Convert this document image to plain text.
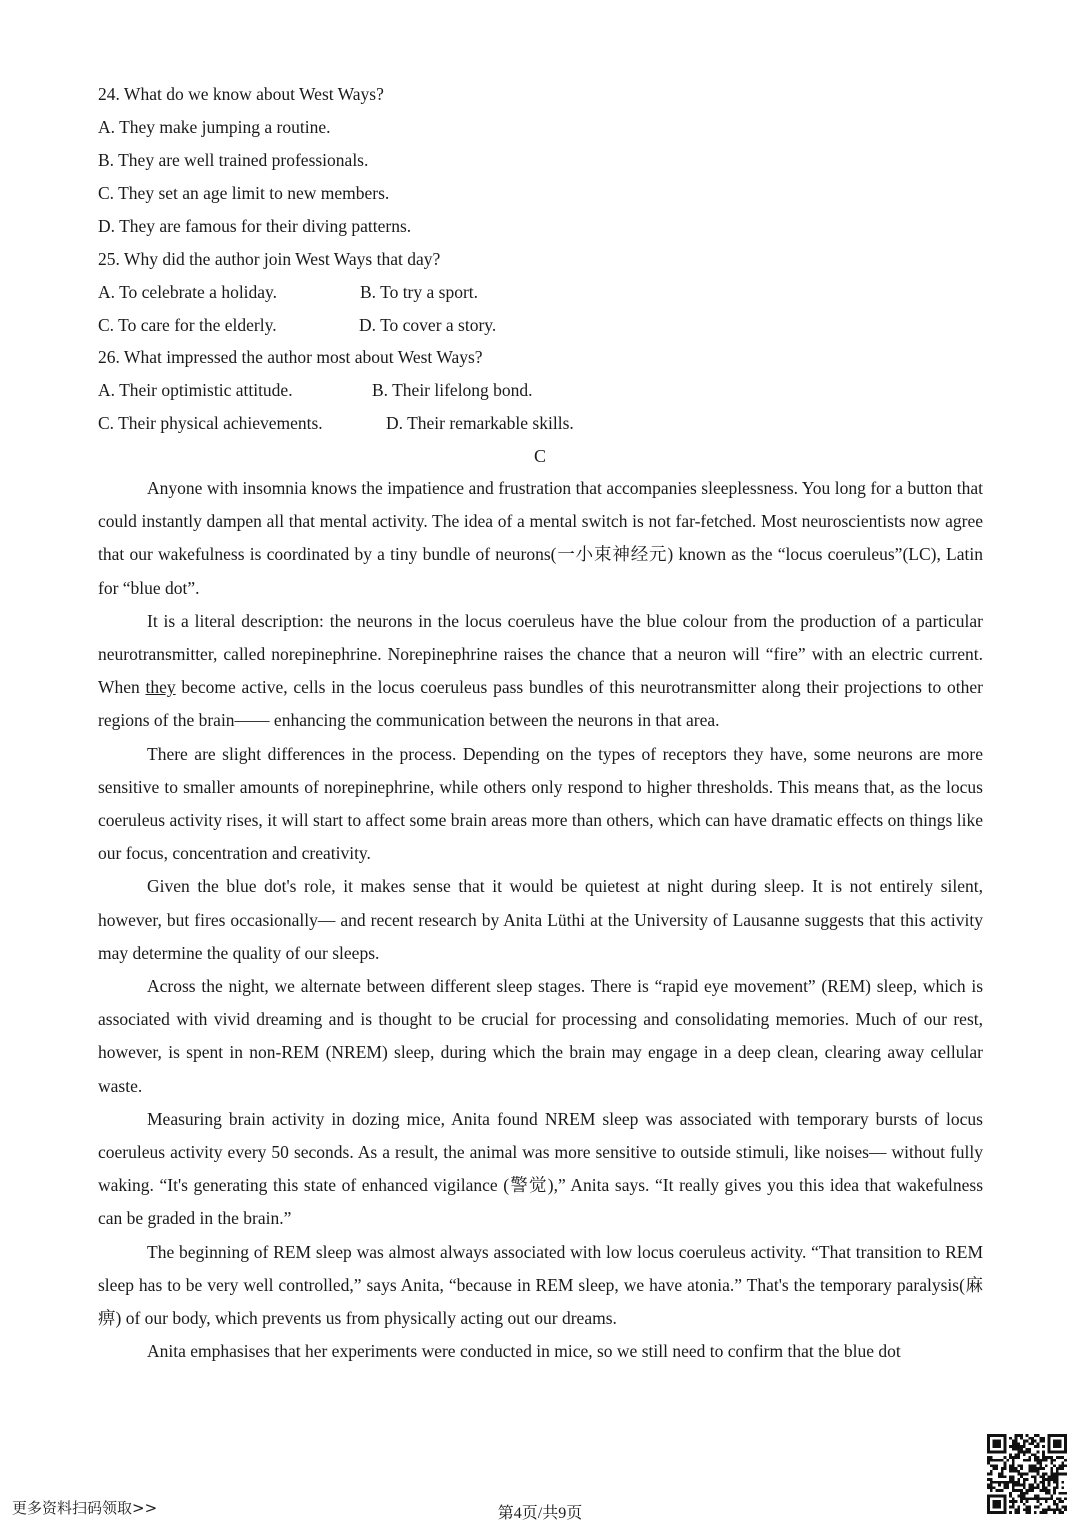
24. What do we know about West Ways?
A. They make jumping a routine.
B. They are well trained professionals.
C. They set an age limit to new members.
D. They are famous for their diving patterns.
25. Why did the author join West Ways that day?
A. To celebrate a holiday.	B. To try a sport.
C. To care for the elderly.	D. To cover a story.
26. What impressed the author most about West Ways?
A. Their optimistic attitude.	B. Their lifelong bond.
C. Their physical achievements.	D. Their remarkable skills.
C

Anyone with insomnia knows the impatience and frustration that accompanies sleeplessness. You long for a button that could instantly dampen all that mental activity. The idea of a mental switch is not far-fetched. Most neuroscientists now agree that our wakefulness is coordinated by a tiny bundle of neurons(一小束神经元) known as the “locus coeruleus”(LC), Latin for “blue dot”.

It is a literal description: the neurons in the locus coeruleus have the blue colour from the production of a particular neurotransmitter, called norepinephrine. Norepinephrine raises the chance that a neuron will “fire” with an electric current. When they become active, cells in the locus coeruleus pass bundles of this neurotransmitter along their projections to other regions of the brain—— enhancing the communication between the neurons in that area.

There are slight differences in the process. Depending on the types of receptors they have, some neurons are more sensitive to smaller amounts of norepinephrine, while others only respond to higher thresholds. This means that, as the locus coeruleus activity rises, it will start to affect some brain areas more than others, which can have dramatic effects on things like our focus, concentration and creativity.

Given the blue dot's role, it makes sense that it would be quietest at night during sleep. It is not entirely silent, however, but fires occasionally— and recent research by Anita Lüthi at the University of Lausanne suggests that this activity may determine the quality of our sleeps.

Across the night, we alternate between different sleep stages. There is “rapid eye movement” (REM) sleep, which is associated with vivid dreaming and is thought to be crucial for processing and consolidating memories. Much of our rest, however, is spent in non-REM (NREM) sleep, during which the brain may engage in a deep clean, clearing away cellular waste.

Measuring brain activity in dozing mice, Anita found NREM sleep was associated with temporary bursts of locus coeruleus activity every 50 seconds. As a result, the animal was more sensitive to outside stimuli, like noises— without fully waking. “It's generating this state of enhanced vigilance (警觉),” Anita says. “It really gives you this idea that wakefulness can be graded in the brain.”

The beginning of REM sleep was almost always associated with low locus coeruleus activity. “That transition to REM sleep has to be very well controlled,” says Anita, “because in REM sleep, we have atonia.” That's the temporary paralysis(麻痹) of our body, which prevents us from physically acting out our dreams.

Anita emphasises that her experiments were conducted in mice, so we still need to confirm that the blue dot

更多资料扫码领取>>	第4页/共9页
